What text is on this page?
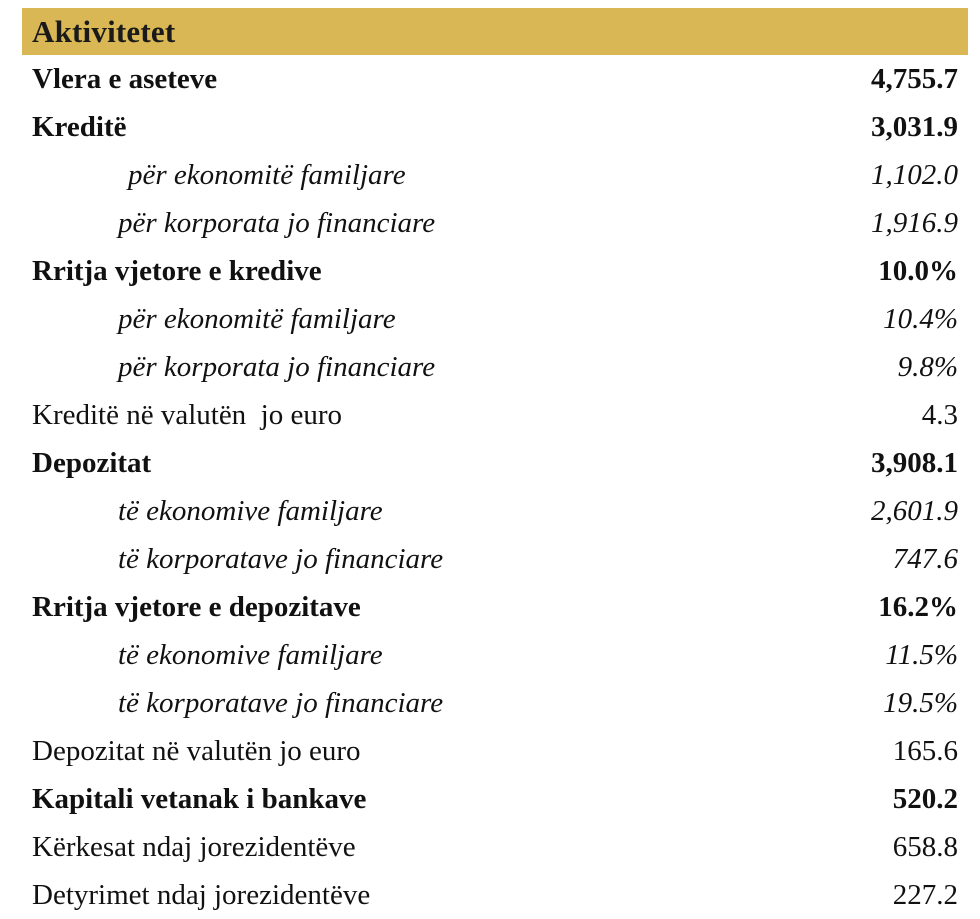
Aktivitetet
Vlera e aseteve	4,755.7
Kreditë	3,031.9
për ekonomitë familjare	1,102.0
për korporata jo financiare	1,916.9
Rritja vjetore e kredive	10.0%
për ekonomitë familjare	10.4%
për korporata jo financiare	9.8%
Kreditë në valutën  jo euro	4.3
Depozitat	3,908.1
të ekonomive familjare	2,601.9
të korporatave jo financiare	747.6
Rritja vjetore e depozitave	16.2%
të ekonomive familjare	11.5%
të korporatave jo financiare	19.5%
Depozitat në valutën jo euro	165.6
Kapitali vetanak i bankave	520.2
Kërkesat ndaj jorezidentëve	658.8
Detyrimet ndaj jorezidentëve	227.2
